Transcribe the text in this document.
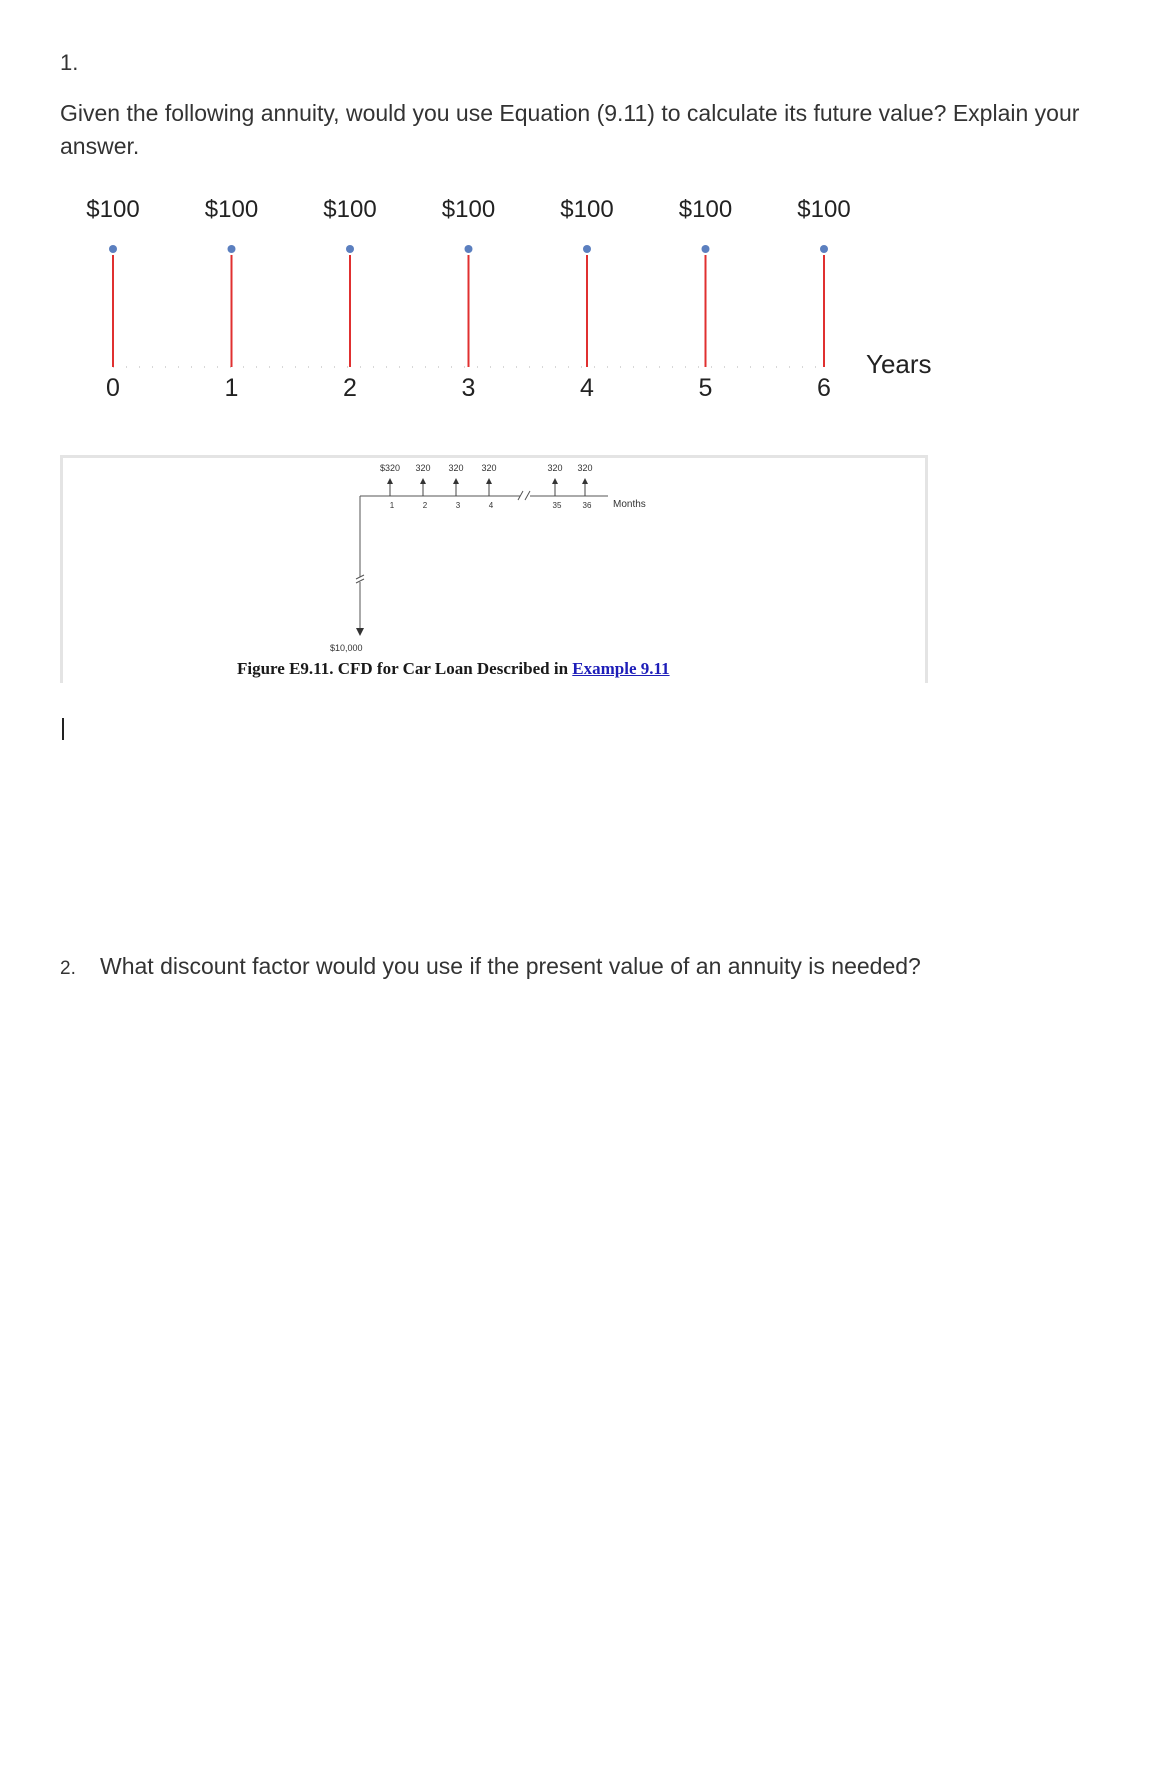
1.
Given the following annuity, would you use Equation (9.11) to calculate its future value? Explain your answer.
$100
0
$100
1
$100
2
$100
3
$100
4
$100
5
$100
6
Years
$320
1
320
2
320
3
320
4
320
35
320
36 Months
$10,000
Figure E9.11. CFD for Car Loan Described in Example 9.11
2. What discount factor would you use if the present value of an annuity is needed?
